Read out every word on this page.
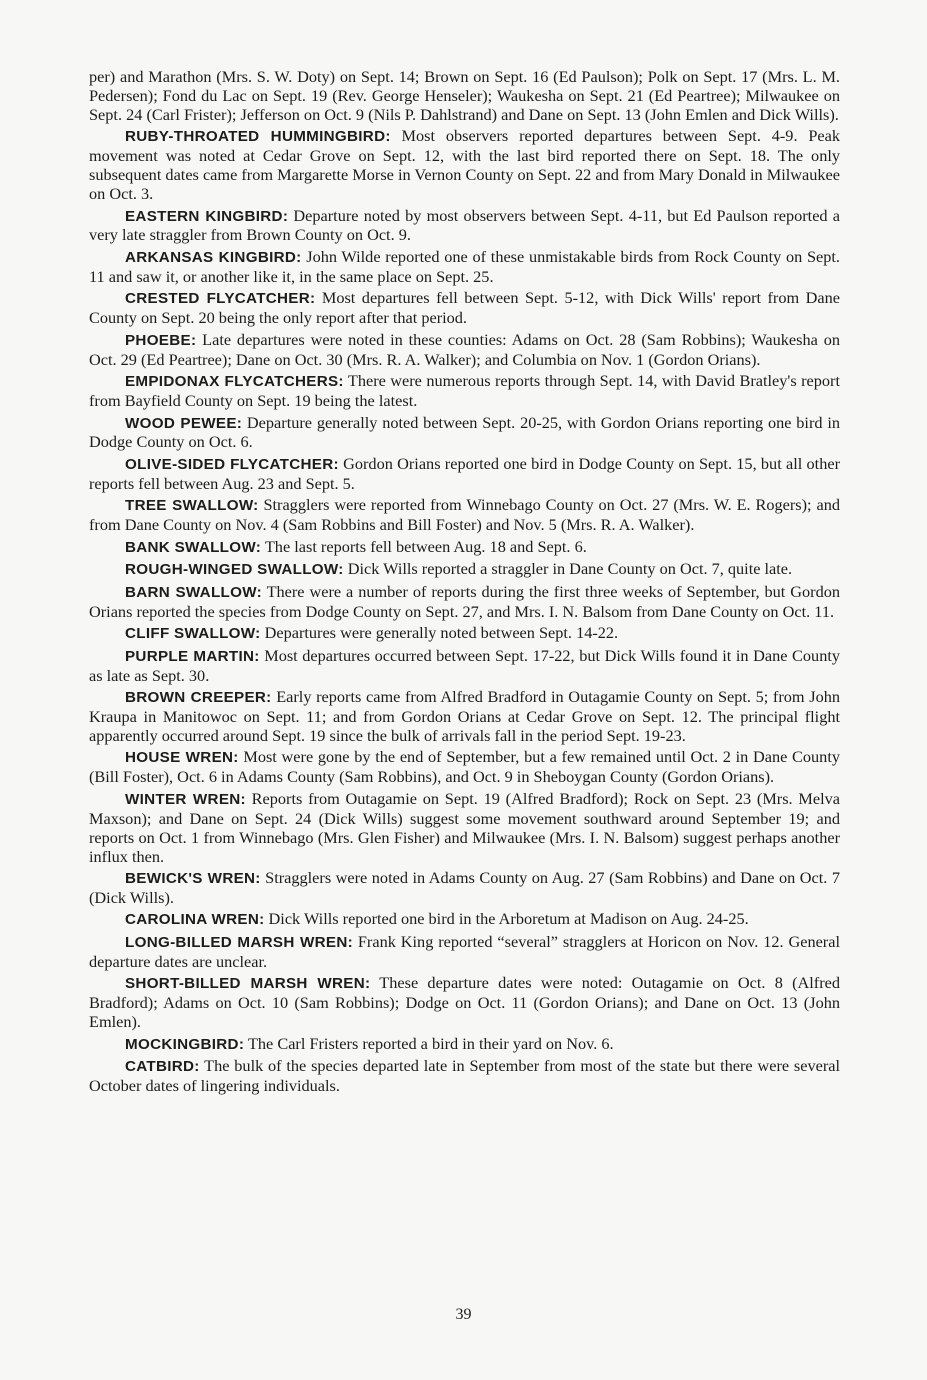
per) and Marathon (Mrs. S. W. Doty) on Sept. 14; Brown on Sept. 16 (Ed Paulson); Polk on Sept. 17 (Mrs. L. M. Pedersen); Fond du Lac on Sept. 19 (Rev. George Henseler); Waukesha on Sept. 21 (Ed Peartree); Milwaukee on Sept. 24 (Carl Frister); Jefferson on Oct. 9 (Nils P. Dahlstrand) and Dane on Sept. 13 (John Emlen and Dick Wills).

RUBY-THROATED HUMMINGBIRD: Most observers reported departures between Sept. 4-9. Peak movement was noted at Cedar Grove on Sept. 12, with the last bird reported there on Sept. 18. The only subsequent dates came from Margarette Morse in Vernon County on Sept. 22 and from Mary Donald in Milwaukee on Oct. 3.

EASTERN KINGBIRD: Departure noted by most observers between Sept. 4-11, but Ed Paulson reported a very late straggler from Brown County on Oct. 9.

ARKANSAS KINGBIRD: John Wilde reported one of these unmistakable birds from Rock County on Sept. 11 and saw it, or another like it, in the same place on Sept. 25.

CRESTED FLYCATCHER: Most departures fell between Sept. 5-12, with Dick Wills' report from Dane County on Sept. 20 being the only report after that period.

PHOEBE: Late departures were noted in these counties: Adams on Oct. 28 (Sam Robbins); Waukesha on Oct. 29 (Ed Peartree); Dane on Oct. 30 (Mrs. R. A. Walker); and Columbia on Nov. 1 (Gordon Orians).

EMPIDONAX FLYCATCHERS: There were numerous reports through Sept. 14, with David Bratley's report from Bayfield County on Sept. 19 being the latest.

WOOD PEWEE: Departure generally noted between Sept. 20-25, with Gordon Orians reporting one bird in Dodge County on Oct. 6.

OLIVE-SIDED FLYCATCHER: Gordon Orians reported one bird in Dodge County on Sept. 15, but all other reports fell between Aug. 23 and Sept. 5.

TREE SWALLOW: Stragglers were reported from Winnebago County on Oct. 27 (Mrs. W. E. Rogers); and from Dane County on Nov. 4 (Sam Robbins and Bill Foster) and Nov. 5 (Mrs. R. A. Walker).

BANK SWALLOW: The last reports fell between Aug. 18 and Sept. 6.

ROUGH-WINGED SWALLOW: Dick Wills reported a straggler in Dane County on Oct. 7, quite late.

BARN SWALLOW: There were a number of reports during the first three weeks of September, but Gordon Orians reported the species from Dodge County on Sept. 27, and Mrs. I. N. Balsom from Dane County on Oct. 11.

CLIFF SWALLOW: Departures were generally noted between Sept. 14-22.

PURPLE MARTIN: Most departures occurred between Sept. 17-22, but Dick Wills found it in Dane County as late as Sept. 30.

BROWN CREEPER: Early reports came from Alfred Bradford in Outagamie County on Sept. 5; from John Kraupa in Manitowoc on Sept. 11; and from Gordon Orians at Cedar Grove on Sept. 12. The principal flight apparently occurred around Sept. 19 since the bulk of arrivals fall in the period Sept. 19-23.

HOUSE WREN: Most were gone by the end of September, but a few remained until Oct. 2 in Dane County (Bill Foster), Oct. 6 in Adams County (Sam Robbins), and Oct. 9 in Sheboygan County (Gordon Orians).

WINTER WREN: Reports from Outagamie on Sept. 19 (Alfred Bradford); Rock on Sept. 23 (Mrs. Melva Maxson); and Dane on Sept. 24 (Dick Wills) suggest some movement southward around September 19; and reports on Oct. 1 from Winnebago (Mrs. Glen Fisher) and Milwaukee (Mrs. I. N. Balsom) suggest perhaps another influx then.

BEWICK'S WREN: Stragglers were noted in Adams County on Aug. 27 (Sam Robbins) and Dane on Oct. 7 (Dick Wills).

CAROLINA WREN: Dick Wills reported one bird in the Arboretum at Madison on Aug. 24-25.

LONG-BILLED MARSH WREN: Frank King reported “several” stragglers at Horicon on Nov. 12. General departure dates are unclear.

SHORT-BILLED MARSH WREN: These departure dates were noted: Outagamie on Oct. 8 (Alfred Bradford); Adams on Oct. 10 (Sam Robbins); Dodge on Oct. 11 (Gordon Orians); and Dane on Oct. 13 (John Emlen).

MOCKINGBIRD: The Carl Fristers reported a bird in their yard on Nov. 6.

CATBIRD: The bulk of the species departed late in September from most of the state but there were several October dates of lingering individuals.

39
